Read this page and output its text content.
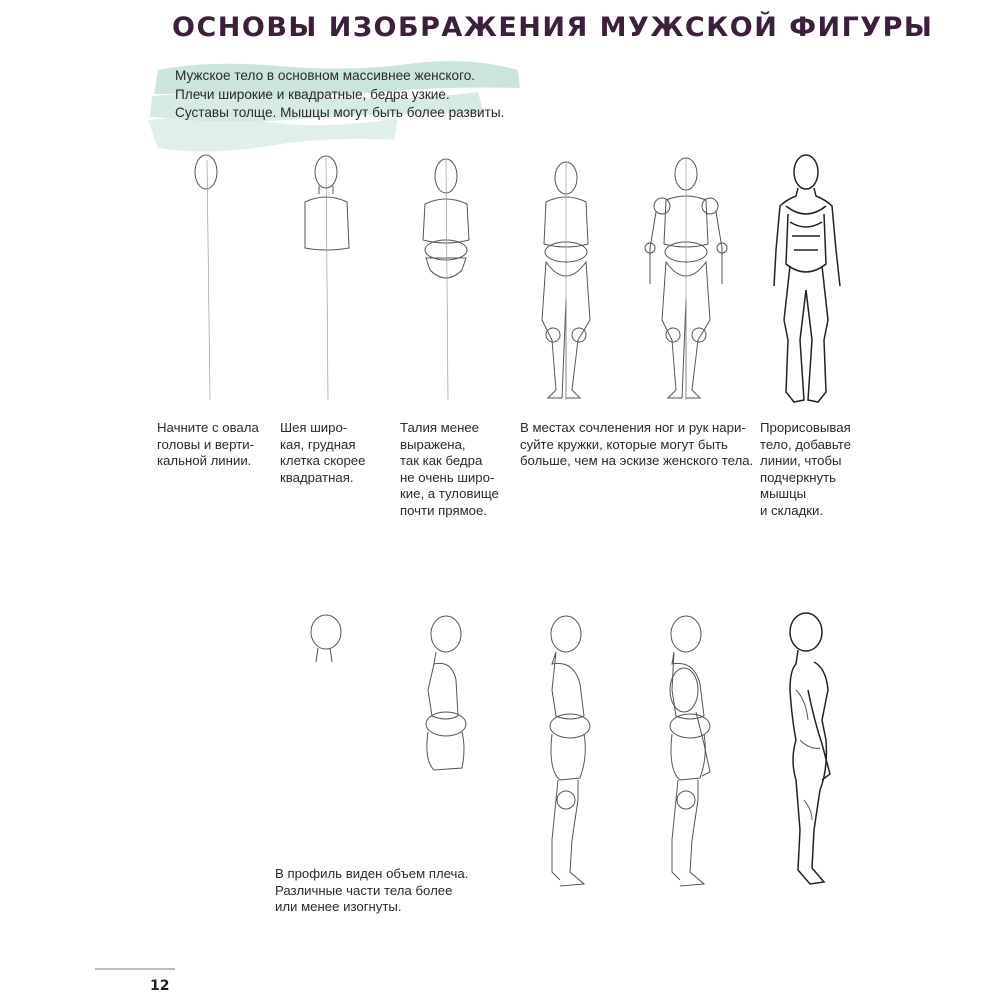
ОСНОВЫ ИЗОБРАЖЕНИЯ МУЖСКОЙ ФИГУРЫ
Мужское тело в основном массивнее женского.
Плечи широкие и квадратные, бедра узкие.
Суставы толще. Мышцы могут быть более развиты.
Начните с овала
головы и верти-
кальной линии.
Шея широ-
кая, грудная
клетка скорее
квадратная.
Талия менее
выражена,
так как бедра
не очень широ-
кие, а туловище
почти прямое.
В местах сочленения ног и рук нари-
суйте кружки, которые могут быть
больше, чем на эскизе женского тела.
Прорисовывая
тело, добавьте
линии, чтобы
подчеркнуть
мышцы
и складки.
В профиль виден объем плеча.
Различные части тела более
или менее изогнуты.
12
